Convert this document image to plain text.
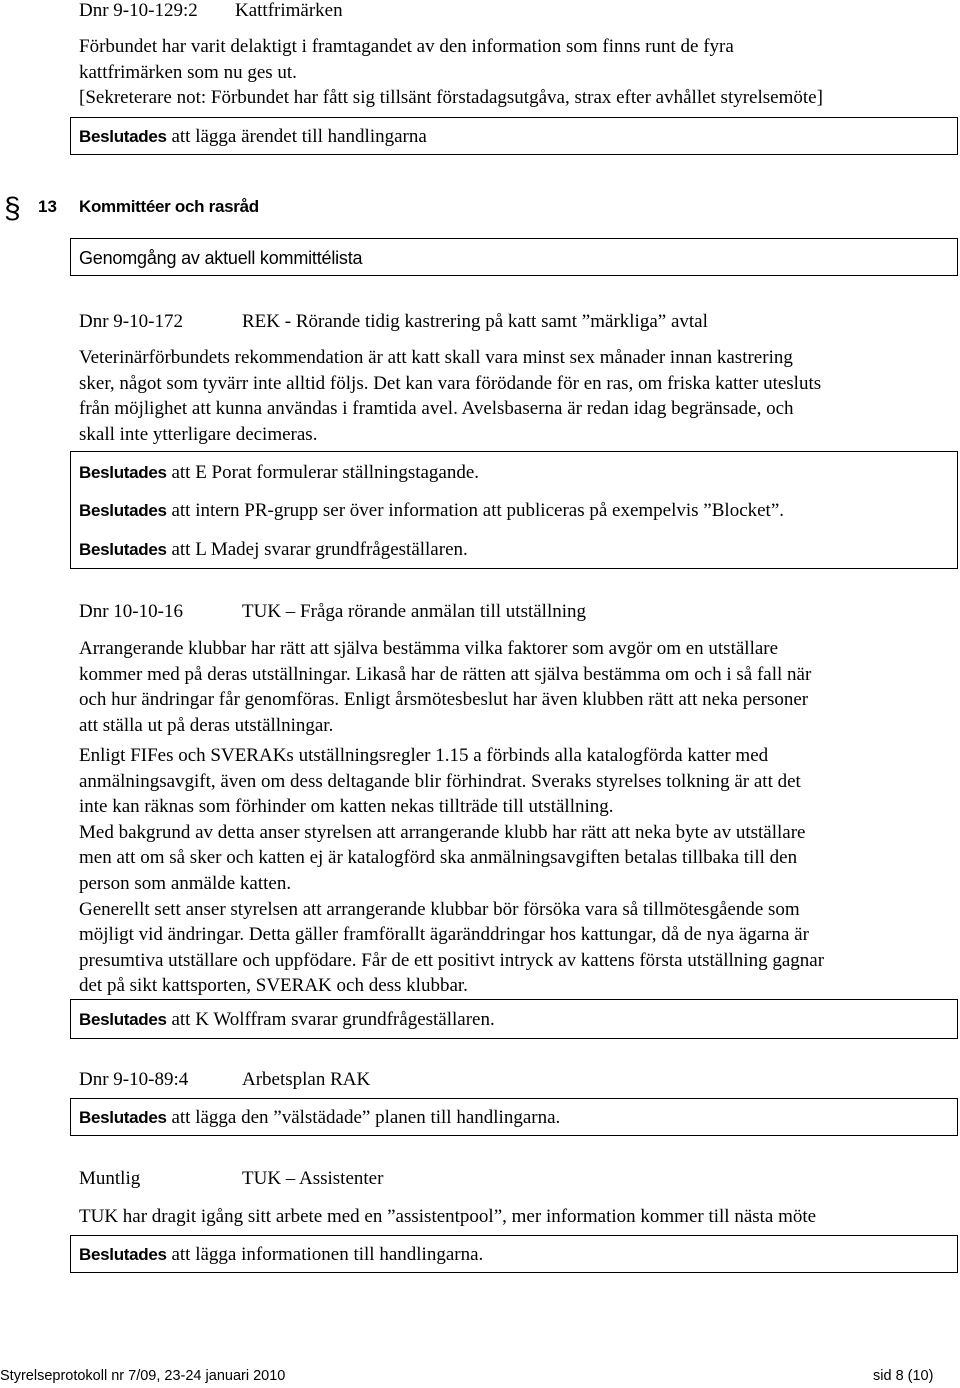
Dnr 9-10-129:2 Kattfrimärken

Förbundet har varit delaktigt i framtagandet av den information som finns runt de fyra

kattfrimärken som nu ges ut.

[Sekreterare not: Förbundet har fått sig tillsänt förstadagsutgåva, strax efter avhållet styrelsemöte]

Beslutades att lägga ärendet till handlingarna
§ 13 Kommittéer och rasråd
Genomgång av aktuell kommittélista
Dnr 9-10-172	REK - Rörande tidig kastrering på katt samt ”märkliga” avtal

Veterinärförbundets rekommendation är att katt skall vara minst sex månader innan kastrering

sker, något som tyvärr inte alltid följs. Det kan vara förödande för en ras, om friska katter utesluts

från möjlighet att kunna användas i framtida avel. Avelsbaserna är redan idag begränsade, och

skall inte ytterligare decimeras.

Beslutades att E Porat formulerar ställningstagande.
Beslutades att intern PR-grupp ser över information att publiceras på exempelvis ”Blocket”.
Beslutades att L Madej svarar grundfrågeställaren.
Dnr 10-10-16	TUK – Fråga rörande anmälan till utställning

Arrangerande klubbar har rätt att själva bestämma vilka faktorer som avgör om en utställare

kommer med på deras utställningar. Likaså har de rätten att själva bestämma om och i så fall när

och hur ändringar får genomföras. Enligt årsmötesbeslut har även klubben rätt att neka personer

att ställa ut på deras utställningar.

Enligt FIFes och SVERAKs utställningsregler 1.15 a förbinds alla katalogförda katter med

anmälningsavgift, även om dess deltagande blir förhindrat. Sveraks styrelses tolkning är att det

inte kan räknas som förhinder om katten nekas tillträde till utställning.

Med bakgrund av detta anser styrelsen att arrangerande klubb har rätt att neka byte av utställare

men att om så sker och katten ej är katalogförd ska anmälningsavgiften betalas tillbaka till den

person som anmälde katten.

Generellt sett anser styrelsen att arrangerande klubbar bör försöka vara så tillmötesgående som

möjligt vid ändringar. Detta gäller framförallt ägaränddringar hos kattungar, då de nya ägarna är

presumtiva utställare och uppfödare. Får de ett positivt intryck av kattens första utställning gagnar

det på sikt kattsporten, SVERAK och dess klubbar.

Beslutades att K Wolffram svarar grundfrågeställaren.
Dnr 9-10-89:4	Arbetsplan RAK
Beslutades att lägga den ”välstädade” planen till handlingarna.
Muntlig	TUK – Assistenter
TUK har dragit igång sitt arbete med en ”assistentpool”, mer information kommer till nästa möte
Beslutades att lägga informationen till handlingarna.
Styrelseprotokoll nr 7/09, 23-24 januari 2010	sid 8 (10)
